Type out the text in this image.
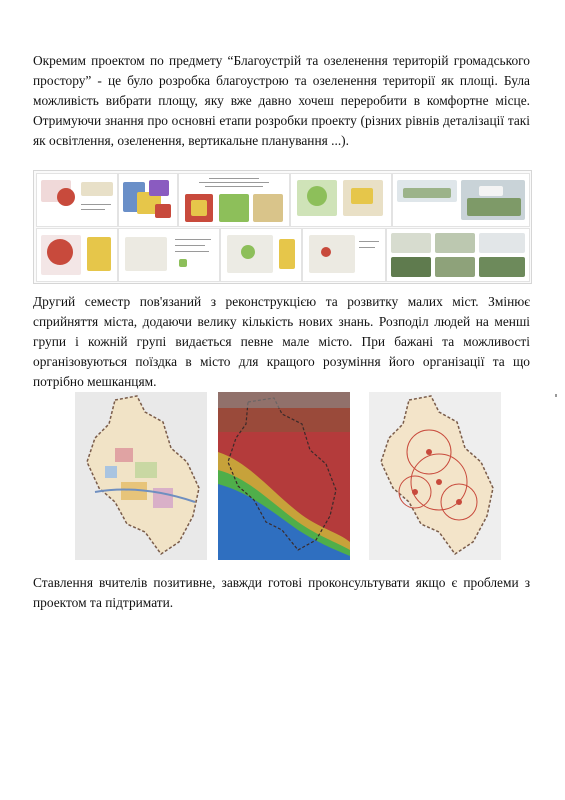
Окремим проектом по предмету “Благоустрій та озеленення територій громадського простору” - це було розробка благоустрою та озеленення території як площі. Була можливість вибрати площу, яку вже давно хочеш переробити в комфортне місце. Отримуючи знання про основні етапи розробки проекту (різних рівнів деталізації такі як освітлення, озеленення, вертикальне планування ...).

Другий семестр пов'язаний з реконструкцією та розвитку малих міст. Змінює сприйняття міста, додаючи велику кількість нових знань. Розподіл людей на менші групи і кожній групі видається певне мале місто. При бажані та можливості організовуються поїздка в місто для кращого розуміння його організації та що потрібно мешканцям.

Ставлення вчителів позитивне, завжди готові проконсультувати якщо є проблеми з проектом та підтримати.
